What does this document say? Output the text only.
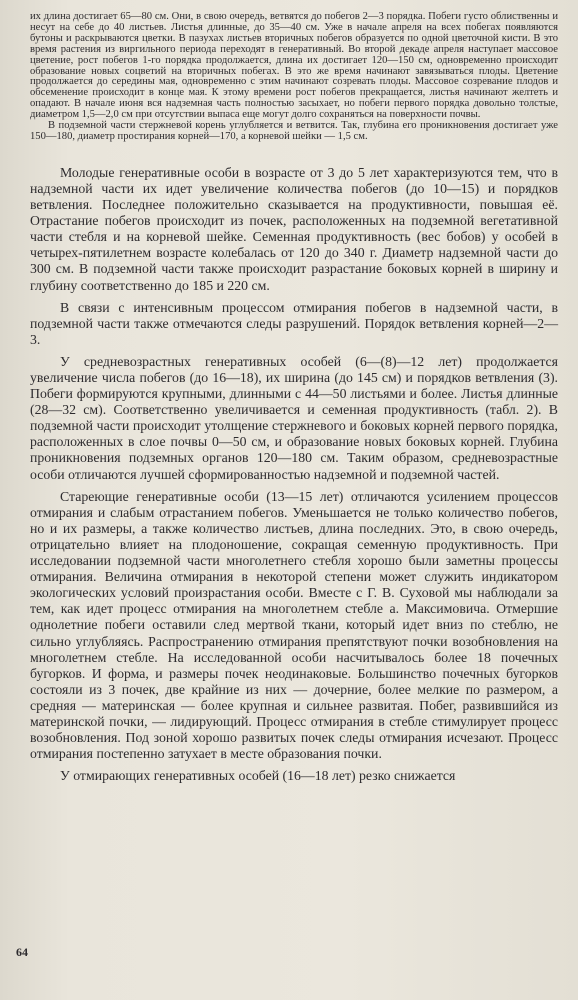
их длина достигает 65—80 см. Они, в свою очередь, ветвятся до побегов 2—3 порядка. Побеги густо облиственны и несут на себе до 40 листьев. Листья длинные, до 35—40 см. Уже в начале апреля на всех побегах появляются бутоны и раскрываются цветки. В пазухах листьев вторичных побегов образуется по одной цветочной кисти. В это время растения из виргильного периода переходят в генеративный. Во второй декаде апреля наступает массовое цветение, рост побегов 1-го порядка продолжается, длина их достигает 120—150 см, одновременно происходит образование новых соцветий на вторичных побегах. В это же время начинают завязываться плоды. Цветение продолжается до середины мая, одновременно с этим начинают созревать плоды. Массовое созревание плодов и обсеменение происходит в конце мая. К этому времени рост побегов прекращается, листья начинают желтеть и опадают. В начале июня вся надземная часть полностью засыхает, но побеги первого порядка довольно толстые, диаметром 1,5—2,0 см при отсутствии выпаса еще могут долго сохраняться на поверхности почвы.

В подземной части стержневой корень углубляется и ветвится. Так, глубина его проникновения достигает уже 150—180, диаметр простирания корней—170, а корневой шейки — 1,5 см.

Молодые генеративные особи в возрасте от 3 до 5 лет характеризуются тем, что в надземной части их идет увеличение количества побегов (до 10—15) и порядков ветвления. Последнее положительно сказывается на продуктивности, повышая её. Отрастание побегов происходит из почек, расположенных на подземной вегетативной части стебля и на корневой шейке. Семенная продуктивность (вес бобов) у особей в четырех-пятилетнем возрасте колебалась от 120 до 340 г. Диаметр надземной части до 300 см. В подземной части также происходит разрастание боковых корней в ширину и глубину соответственно до 185 и 220 см.

В связи с интенсивным процессом отмирания побегов в надземной части, в подземной части также отмечаются следы разрушений. Порядок ветвления корней—2—3.

У средневозрастных генеративных особей (6—(8)—12 лет) продолжается увеличение числа побегов (до 16—18), их ширина (до 145 см) и порядков ветвления (3). Побеги формируются крупными, длинными с 44—50 листьями и более. Листья длинные (28—32 см). Соответственно увеличивается и семенная продуктивность (табл. 2). В подземной части происходит утолщение стержневого и боковых корней первого порядка, расположенных в слое почвы 0—50 см, и образование новых боковых корней. Глубина проникновения подземных органов 120—180 см. Таким образом, средневозрастные особи отличаются лучшей сформированностью надземной и подземной частей.

Стареющие генеративные особи (13—15 лет) отличаются усилением процессов отмирания и слабым отрастанием побегов. Уменьшается не только количество побегов, но и их размеры, а также количество листьев, длина последних. Это, в свою очередь, отрицательно влияет на плодоношение, сокращая семенную продуктивность. При исследовании подземной части многолетнего стебля хорошо были заметны процессы отмирания. Величина отмирания в некоторой степени может служить индикатором экологических условий произрастания особи. Вместе с Г. В. Суховой мы наблюдали за тем, как идет процесс отмирания на многолетнем стебле а. Максимовича. Отмершие однолетние побеги оставили след мертвой ткани, который идет вниз по стеблю, не сильно углубляясь. Распространению отмирания препятствуют почки возобновления на многолетнем стебле. На исследованной особи насчитывалось более 18 почечных бугорков. И форма, и размеры почек неодинаковые. Большинство почечных бугорков состояли из 3 почек, две крайние из них — дочерние, более мелкие по размером, а средняя — материнская — более крупная и сильнее развитая. Побег, развившийся из материнской почки, — лидирующий. Процесс отмирания в стебле стимулирует процесс возобновления. Под зоной хорошо развитых почек следы отмирания исчезают. Процесс отмирания постепенно затухает в месте образования почки.

У отмирающих генеративных особей (16—18 лет) резко снижается

64
